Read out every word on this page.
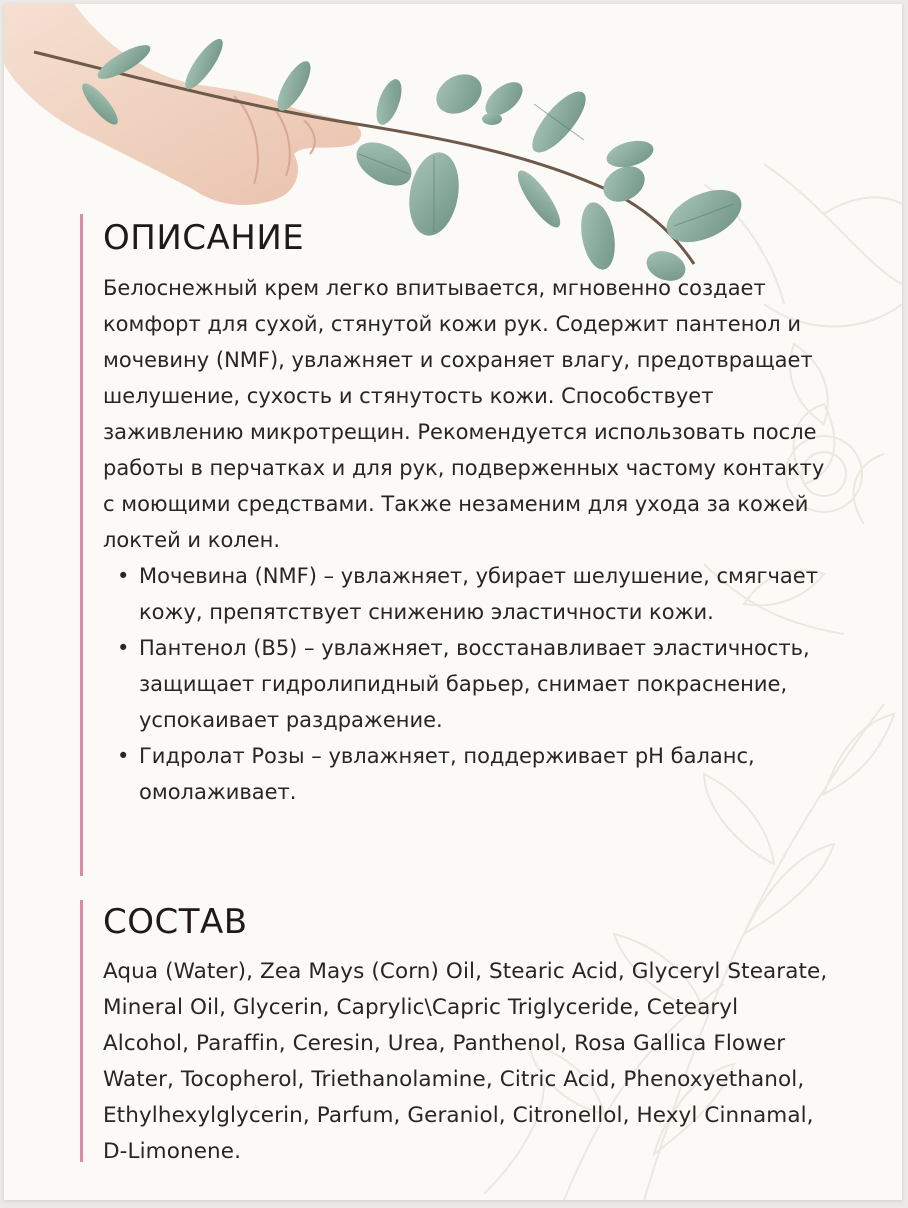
ОПИСАНИЕ

Белоснежный крем легко впитывается, мгновенно создает комфорт для сухой, стянутой кожи рук. Содержит пантенол и мочевину (NMF), увлажняет и сохраняет влагу, предотвращает шелушение, сухость и стянутость кожи. Способствует заживлению микротрещин. Рекомендуется использовать после работы в перчатках и для рук, подверженных частому контакту с моющими средствами. Также незаменим для ухода за кожей локтей и колен.

• Мочевина (NMF) – увлажняет, убирает шелушение, смягчает кожу, препятствует снижению эластичности кожи.
• Пантенол (B5) – увлажняет, восстанавливает эластичность, защищает гидролипидный барьер, снимает покраснение, успокаивает раздражение.
• Гидролат Розы – увлажняет, поддерживает pH баланс, омолаживает.
СОСТАВ

Aqua (Water), Zea Mays (Corn) Oil, Stearic Acid, Glyceryl Stearate, Mineral Oil, Glycerin, Caprylic\Capric Triglyceride, Cetearyl Alcohol, Paraffin, Ceresin, Urea, Panthenol, Rosa Gallica Flower Water, Tocopherol, Triethanolamine, Citric Acid, Phenoxyethanol, Ethylhexylglycerin, Parfum, Geraniol, Citronellol, Hexyl Cinnamal, D-Limonene.
